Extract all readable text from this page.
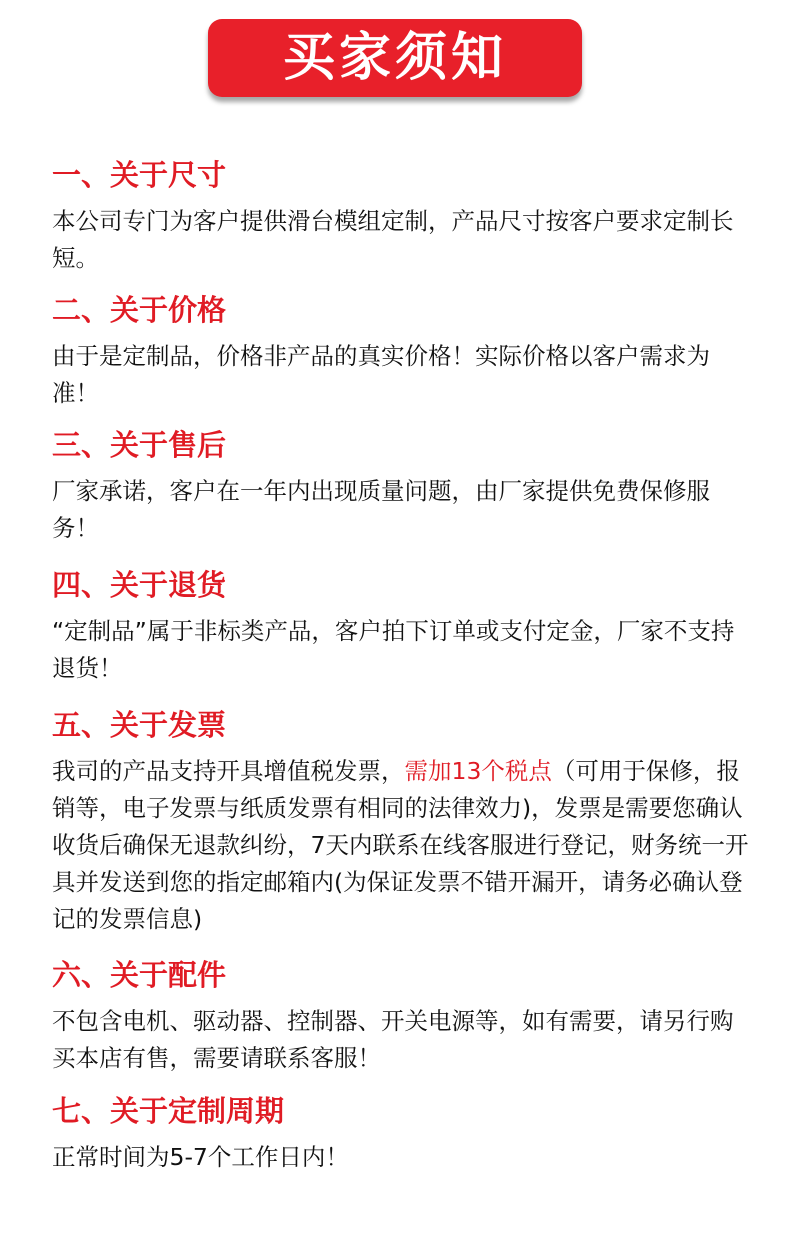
买家须知
一、关于尺寸

本公司专门为客户提供滑台模组定制，产品尺寸按客户要求定制长短。

二、关于价格

由于是定制品，价格非产品的真实价格！实际价格以客户需求为准！

三、关于售后

厂家承诺，客户在一年内出现质量问题，由厂家提供免费保修服务！

四、关于退货

“定制品”属于非标类产品，客户拍下订单或支付定金，厂家不支持退货！

五、关于发票

我司的产品支持开具增值税发票，需加13个税点（可用于保修，报销等，电子发票与纸质发票有相同的法律效力)，发票是需要您确认收货后确保无退款纠纷，7天内联系在线客服进行登记，财务统一开具并发送到您的指定邮箱内(为保证发票不错开漏开，请务必确认登记的发票信息)

六、关于配件

不包含电机、驱动器、控制器、开关电源等，如有需要，请另行购买本店有售，需要请联系客服！

七、关于定制周期

正常时间为5-7个工作日内！
